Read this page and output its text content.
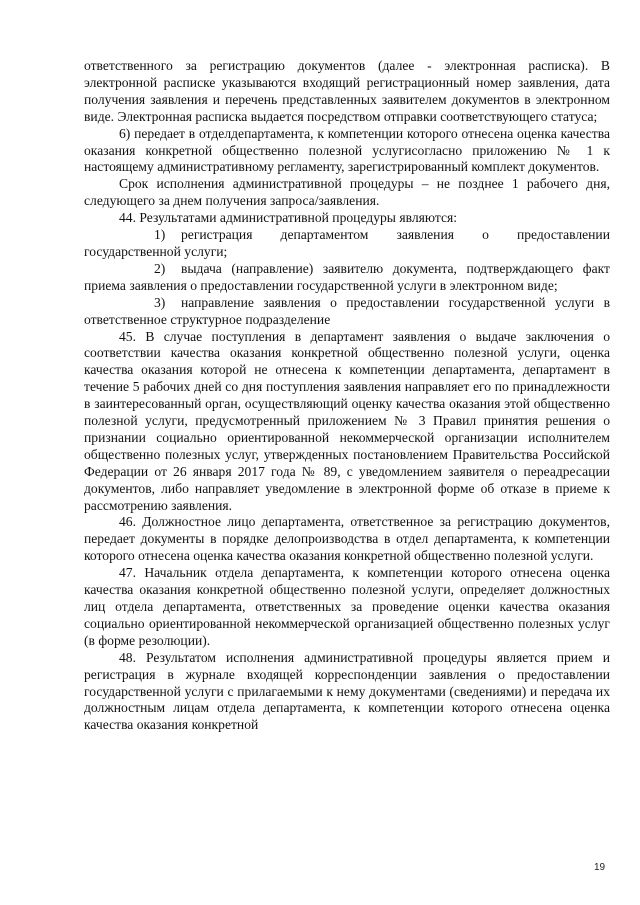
ответственного за регистрацию документов (далее - электронная расписка). В электронной расписке указываются входящий регистрационный номер заявления, дата получения заявления и перечень представленных заявителем документов в электронном виде. Электронная расписка выдается посредством отправки соответствующего статуса;

6) передает в отделдепартамента, к компетенции которого отнесена оценка качества оказания конкретной общественно полезной услугисогласно приложению № 1 к настоящему административному регламенту, зарегистрированный комплект документов.

Срок исполнения административной процедуры – не позднее 1 рабочего дня, следующего за днем получения запроса/заявления.

44. Результатами административной процедуры являются:

1) регистрация департаментом заявления о предоставлении государственной услуги;

2) выдача (направление) заявителю документа, подтверждающего факт приема заявления о предоставлении государственной услуги в электронном виде;

3) направление заявления о предоставлении государственной услуги в ответственное структурное подразделение

45. В случае поступления в департамент заявления о выдаче заключения о соответствии качества оказания конкретной общественно полезной услуги, оценка качества оказания которой не отнесена к компетенции департамента, департамент в течение 5 рабочих дней со дня поступления заявления направляет его по принадлежности в заинтересованный орган, осуществляющий оценку качества оказания этой общественно полезной услуги, предусмотренный приложением № 3 Правил принятия решения о признании социально ориентированной некоммерческой организации исполнителем общественно полезных услуг, утвержденных постановлением Правительства Российской Федерации от 26 января 2017 года № 89, с уведомлением заявителя о переадресации документов, либо направляет уведомление в электронной форме об отказе в приеме к рассмотрению заявления.

46. Должностное лицо департамента, ответственное за регистрацию документов, передает документы в порядке делопроизводства в отдел департамента, к компетенции которого отнесена оценка качества оказания конкретной общественно полезной услуги.

47. Начальник отдела департамента, к компетенции которого отнесена оценка качества оказания конкретной общественно полезной услуги, определяет должностных лиц отдела департамента, ответственных за проведение оценки качества оказания социально ориентированной некоммерческой организацией общественно полезных услуг (в форме резолюции).

48. Результатом исполнения административной процедуры является прием и регистрация в журнале входящей корреспонденции заявления о предоставлении государственной услуги с прилагаемыми к нему документами (сведениями) и передача их должностным лицам отдела департамента, к компетенции которого отнесена оценка качества оказания конкретной

19
